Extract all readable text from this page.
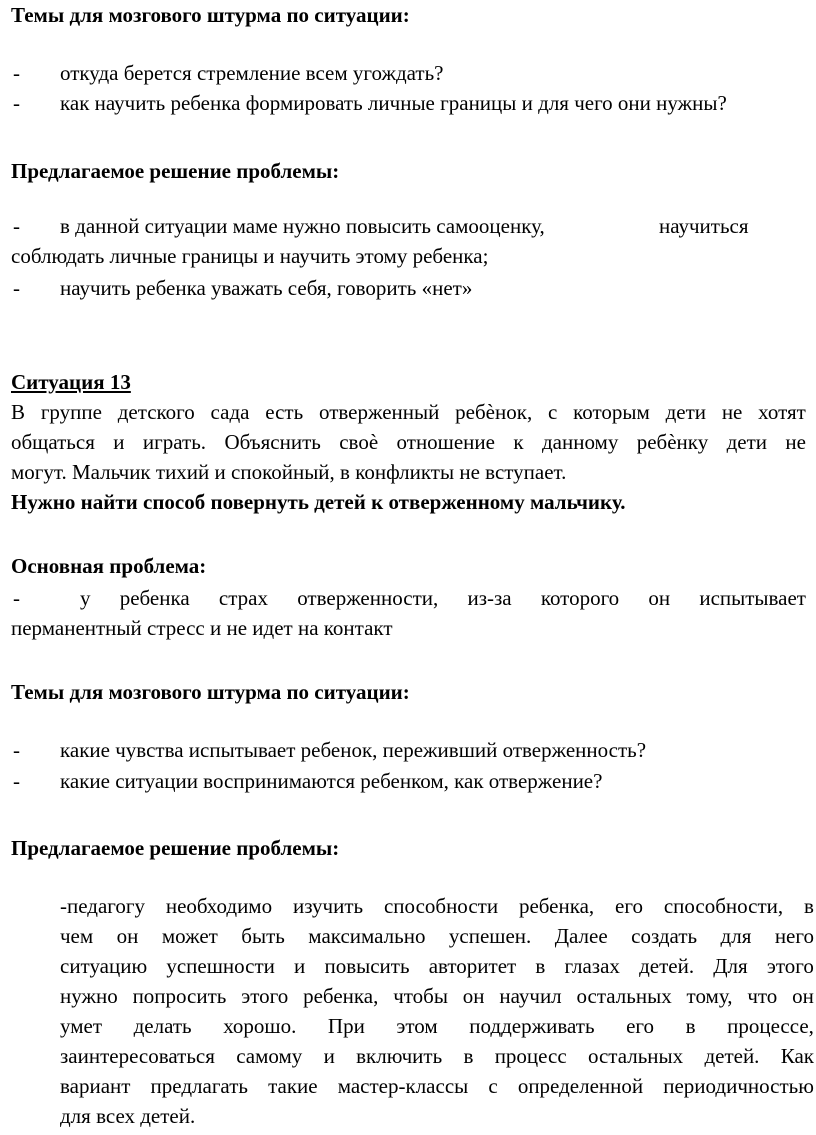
Темы для мозгового штурма по ситуации:
- откуда берется стремление всем угождать?
- как научить ребенка формировать личные границы и для чего они нужны?
Предлагаемое решение проблемы:
- в данной ситуации маме нужно повысить самооценку,	научиться
соблюдать личные границы и научить этому ребенка;
- научить ребенка уважать себя, говорить «нет»
Ситуация 13
В группе детского сада есть отверженный ребѐнок, с которым дети не хотят
общаться и играть. Объяснить своѐ отношение к данному ребѐнку дети не
могут. Мальчик тихий и спокойный, в конфликты не вступает.
Нужно найти способ повернуть детей к отверженному мальчику.
Основная проблема:
-	у ребенка страх отверженности, из-за которого он испытывает
перманентный стресс и не идет на контакт
Темы для мозгового штурма по ситуации:
- какие чувства испытывает ребенок, переживший отверженность?
- какие ситуации воспринимаются ребенком, как отвержение?
Предлагаемое решение проблемы:
-педагогу необходимо изучить способности ребенка, его способности, в
чем он может быть максимально успешен. Далее создать для него
ситуацию успешности и повысить авторитет в глазах детей. Для этого
нужно попросить этого ребенка, чтобы он научил остальных тому, что он
умет делать хорошо. При этом поддерживать его в процессе,
заинтересоваться самому и включить в процесс остальных детей. Как
вариант предлагать такие мастер-классы с определенной периодичностью
для всех детей.
